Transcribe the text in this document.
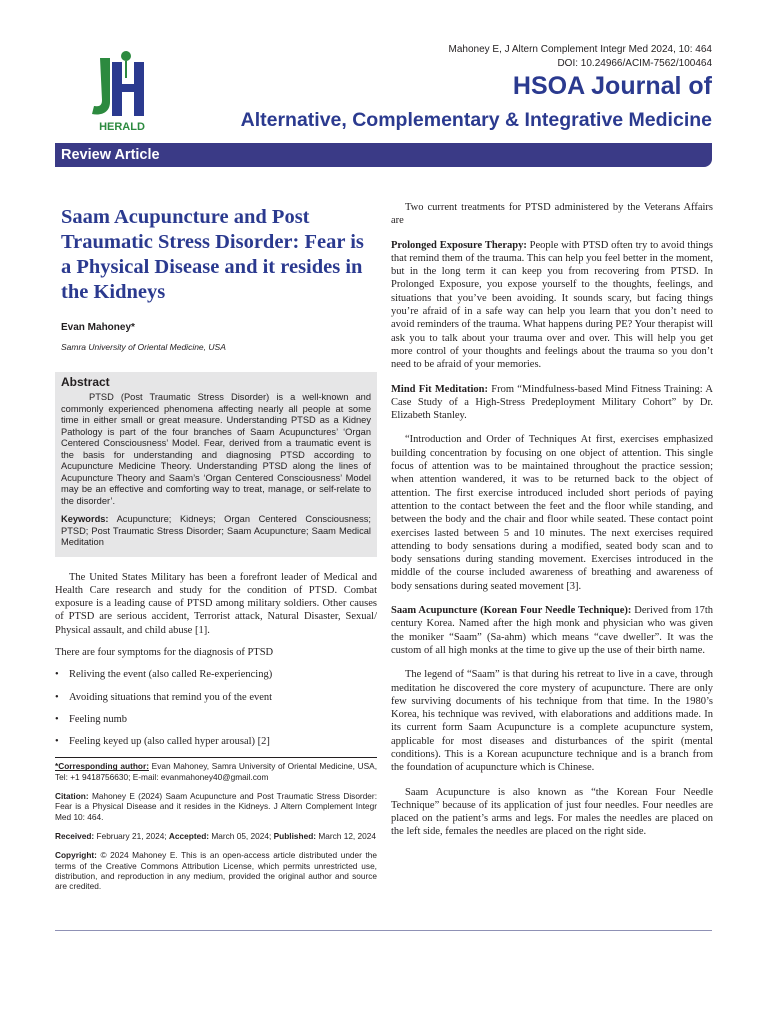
HERALD
Mahoney E, J Altern Complement Integr Med 2024, 10: 464
DOI: 10.24966/ACIM-7562/100464
HSOA Journal of
Alternative, Complementary & Integrative Medicine
Review Article
Saam Acupuncture and Post Traumatic Stress Disorder: Fear is a Physical Disease and it resides in the Kidneys
Evan Mahoney*
Samra University of Oriental Medicine, USA
Abstract

PTSD (Post Traumatic Stress Disorder) is a well-known and commonly experienced phenomena affecting nearly all people at some time in either small or great measure. Understanding PTSD as a Kidney Pathology is part of the four branches of Saam Acupunctures’ ‘Organ Centered Consciousness’ Model. Fear, derived from a traumatic event is the basis for understanding and diagnosing PTSD according to Acupuncture Medicine Theory. Understanding PTSD along the lines of Acupuncture Theory and Saam’s ‘Organ Centered Consciousness’ Model may be an effective and comforting way to treat, manage, or self-relate to the disorder’.

Keywords: Acupuncture; Kidneys; Organ Centered Consciousness; PTSD; Post Traumatic Stress Disorder; Saam Acupuncture; Saam Medical Meditation

The United States Military has been a forefront leader of Medical and Health Care research and study for the condition of PTSD. Combat exposure is a leading cause of PTSD among military soldiers. Other causes of PTSD are serious accident, Terrorist attack, Natural Disaster, Sexual/ Physical assault, and child abuse [1].

There are four symptoms for the diagnosis of PTSD

• Reliving the event (also called Re-experiencing)
• Avoiding situations that remind you of the event
• Feeling numb
• Feeling keyed up (also called hyper arousal) [2]

*Corresponding author: Evan Mahoney, Samra University of Oriental Medicine, USA, Tel: +1 9418756630; E-mail: evanmahoney40@gmail.com

Citation: Mahoney E (2024) Saam Acupuncture and Post Traumatic Stress Disorder: Fear is a Physical Disease and it resides in the Kidneys. J Altern Complement Integr Med 10: 464.

Received: February 21, 2024; Accepted: March 05, 2024; Published: March 12, 2024

Copyright: © 2024 Mahoney E. This is an open-access article distributed under the terms of the Creative Commons Attribution License, which permits unrestricted use, distribution, and reproduction in any medium, provided the original author and source are credited.

Two current treatments for PTSD administered by the Veterans Affairs are

Prolonged Exposure Therapy: People with PTSD often try to avoid things that remind them of the trauma. This can help you feel better in the moment, but in the long term it can keep you from recovering from PTSD. In Prolonged Exposure, you expose yourself to the thoughts, feelings, and situations that you’ve been avoiding. It sounds scary, but facing things you’re afraid of in a safe way can help you learn that you don’t need to avoid reminders of the trauma. What happens during PE? Your therapist will ask you to talk about your trauma over and over. This will help you get more control of your thoughts and feelings about the trauma so you don’t need to be afraid of your memories.

Mind Fit Meditation: From “Mindfulness-based Mind Fitness Training: A Case Study of a High-Stress Predeployment Military Cohort” by Dr. Elizabeth Stanley.

“Introduction and Order of Techniques At first, exercises emphasized building concentration by focusing on one object of attention. This single focus of attention was to be maintained throughout the practice session; when attention wandered, it was to be returned back to the object of attention. The first exercise introduced included short periods of paying attention to the contact between the feet and the floor while standing, and between the body and the chair and floor while seated. These contact point exercises lasted between 5 and 10 minutes. The next exercises required attending to body sensations during a modified, seated body scan and to body sensations during standing movement. Exercises introduced in the middle of the course included awareness of breathing and awareness of body sensations during seated movement [3].

Saam Acupuncture (Korean Four Needle Technique): Derived from 17th century Korea. Named after the high monk and physician who was given the moniker “Saam” (Sa-ahm) which means “cave dweller”. It was the custom of all high monks at the time to give up the use of their birth name.

The legend of “Saam” is that during his retreat to live in a cave, through meditation he discovered the core mystery of acupuncture. There are only few surviving documents of his technique from that time. In the 1980’s Korea, his technique was revived, with elaborations and additions made. In its current form Saam Acupuncture is a complete acupuncture system, applicable for most diseases and disturbances of the spirit (mental conditions). This is a Korean acupuncture technique and is a branch from the foundation of acupuncture which is Chinese.

Saam Acupuncture is also known as “the Korean Four Needle Technique” because of its application of just four needles. Four needles are placed on the patient’s arms and legs. For males the needles are placed on the left side, females the needles are placed on the right side.
